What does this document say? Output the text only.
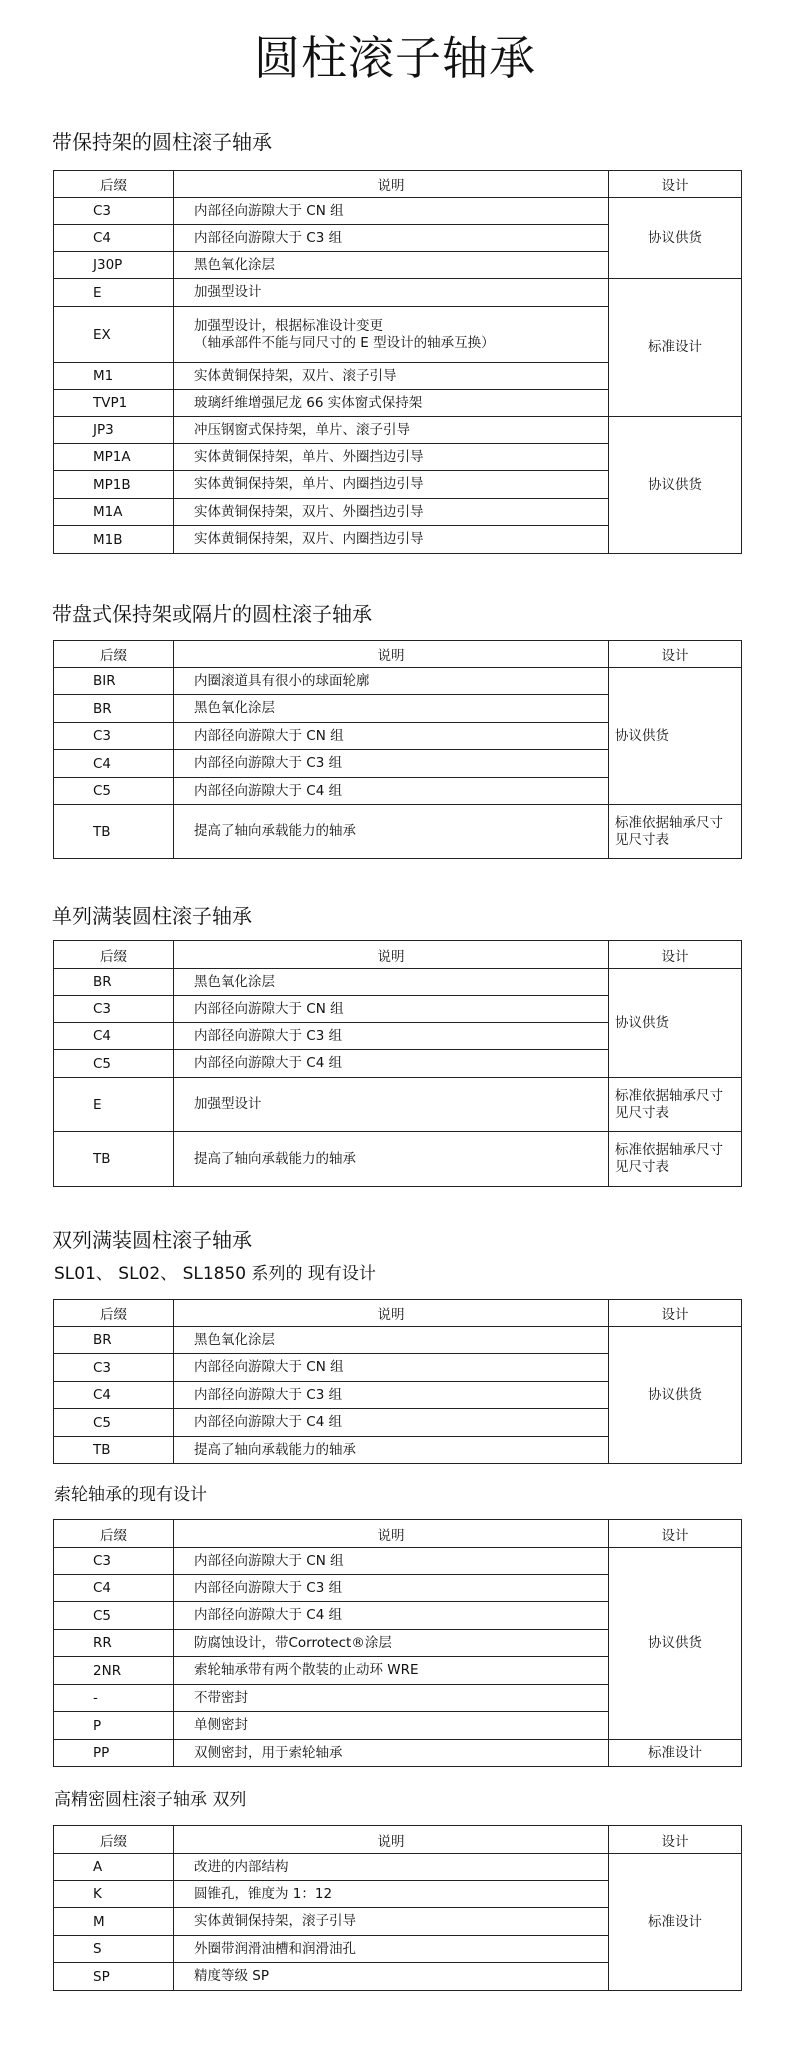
圆柱滚子轴承
带保持架的圆柱滚子轴承
后缀	说明	设计
C3	内部径向游隙大于 CN 组	协议供货
C4	内部径向游隙大于 C3 组	
J30P	黑色氧化涂层	
E	加强型设计	标准设计
EX	加强型设计，根据标准设计变更
（轴承部件不能与同尺寸的 E 型设计的轴承互换）	

M1	实体黄铜保持架，双片、滚子引导	
TVP1	玻璃纤维增强尼龙 66 实体窗式保持架	
JP3	冲压钢窗式保持架，单片、滚子引导	协议供货
MP1A	实体黄铜保持架，单片、外圈挡边引导	
MP1B	实体黄铜保持架，单片、内圈挡边引导	
M1A	实体黄铜保持架，双片、外圈挡边引导	
M1B	实体黄铜保持架，双片、内圈挡边引导	
带盘式保持架或隔片的圆柱滚子轴承
后缀	说明	设计
BIR	内圈滚道具有很小的球面轮廓	协议供货
BR	黑色氧化涂层	
C3	内部径向游隙大于 CN 组	
C4	内部径向游隙大于 C3 组	
C5	内部径向游隙大于 C4 组	
TB	提高了轴向承载能力的轴承	标准依据轴承尺寸
见尺寸表
单列满装圆柱滚子轴承
后缀	说明	设计
BR	黑色氧化涂层	协议供货
C3	内部径向游隙大于 CN 组	
C4	内部径向游隙大于 C3 组	
C5	内部径向游隙大于 C4 组	
E	加强型设计	标准依据轴承尺寸
见尺寸表

TB	提高了轴向承载能力的轴承	标准依据轴承尺寸
见尺寸表
双列满装圆柱滚子轴承
SL01、 SL02、 SL1850 系列的 现有设计
后缀	说明	设计
BR	黑色氧化涂层	协议供货
C3	内部径向游隙大于 CN 组	
C4	内部径向游隙大于 C3 组	
C5	内部径向游隙大于 C4 组	
TB	提高了轴向承载能力的轴承	
索轮轴承的现有设计
后缀	说明	设计
C3	内部径向游隙大于 CN 组	协议供货
C4	内部径向游隙大于 C3 组	
C5	内部径向游隙大于 C4 组	
RR	防腐蚀设计，带Corrotect®涂层	
2NR	索轮轴承带有两个散装的止动环 WRE	
-	不带密封	
P	单侧密封	
PP	双侧密封，用于索轮轴承	标准设计
高精密圆柱滚子轴承 双列
后缀	说明	设计
A	改进的内部结构	标准设计
K	圆锥孔，锥度为 1：12	
M	实体黄铜保持架，滚子引导	
S	外圈带润滑油槽和润滑油孔	
SP	精度等级 SP	
